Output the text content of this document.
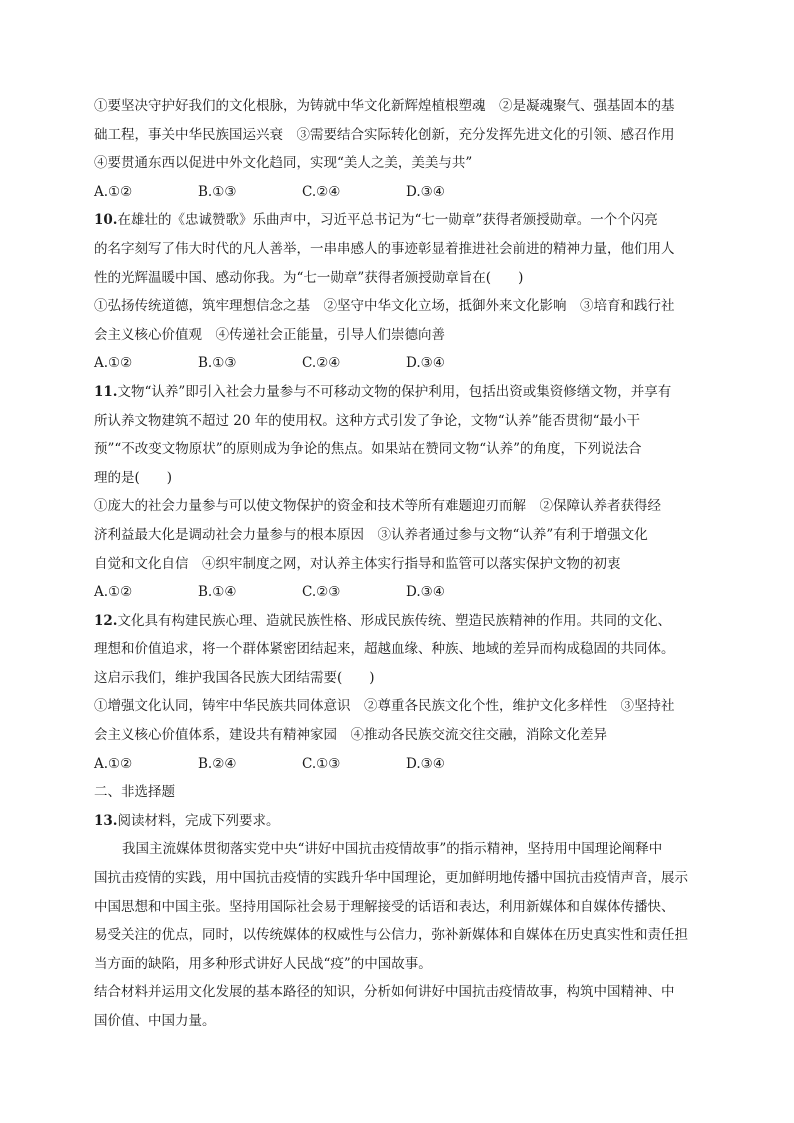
①要坚决守护好我们的文化根脉，为铸就中华文化新辉煌植根塑魂　②是凝魂聚气、强基固本的基
础工程，事关中华民族国运兴衰　③需要结合实际转化创新，充分发挥先进文化的引领、感召作用
④要贯通东西以促进中外文化趋同，实现“美人之美，美美与共”
A.①②	B.①③	C.②④	D.③④
10.在雄壮的《忠诚赞歌》乐曲声中，习近平总书记为“七一勋章”获得者颁授勋章。一个个闪亮
的名字刻写了伟大时代的凡人善举，一串串感人的事迹彰显着推进社会前进的精神力量，他们用人
性的光辉温暖中国、感动你我。为“七一勋章”获得者颁授勋章旨在(　　)
①弘扬传统道德，筑牢理想信念之基　②坚守中华文化立场，抵御外来文化影响　③培育和践行社
会主义核心价值观　④传递社会正能量，引导人们崇德向善
A.①②	B.①③	C.②④	D.③④
11.文物“认养”即引入社会力量参与不可移动文物的保护利用，包括出资或集资修缮文物，并享有
所认养文物建筑不超过 20 年的使用权。这种方式引发了争论，文物“认养”能否贯彻“最小干
预”“不改变文物原状”的原则成为争论的焦点。如果站在赞同文物“认养”的角度，下列说法合
理的是(　　)
①庞大的社会力量参与可以使文物保护的资金和技术等所有难题迎刃而解　②保障认养者获得经
济利益最大化是调动社会力量参与的根本原因　③认养者通过参与文物“认养”有利于增强文化
自觉和文化自信　④织牢制度之网，对认养主体实行指导和监管可以落实保护文物的初衷
A.①②	B.①④	C.②③	D.③④
12.文化具有构建民族心理、造就民族性格、形成民族传统、塑造民族精神的作用。共同的文化、
理想和价值追求，将一个群体紧密团结起来，超越血缘、种族、地域的差异而构成稳固的共同体。
这启示我们，维护我国各民族大团结需要(　　)
①增强文化认同，铸牢中华民族共同体意识　②尊重各民族文化个性，维护文化多样性　③坚持社
会主义核心价值体系，建设共有精神家园　④推动各民族交流交往交融，消除文化差异
A.①②	B.②④	C.①③	D.③④
二、非选择题
13.阅读材料，完成下列要求。
我国主流媒体贯彻落实党中央“讲好中国抗击疫情故事”的指示精神，坚持用中国理论阐释中
国抗击疫情的实践，用中国抗击疫情的实践升华中国理论，更加鲜明地传播中国抗击疫情声音，展示
中国思想和中国主张。坚持用国际社会易于理解接受的话语和表达，利用新媒体和自媒体传播快、
易受关注的优点，同时，以传统媒体的权威性与公信力，弥补新媒体和自媒体在历史真实性和责任担
当方面的缺陷，用多种形式讲好人民战“疫”的中国故事。
结合材料并运用文化发展的基本路径的知识，分析如何讲好中国抗击疫情故事，构筑中国精神、中
国价值、中国力量。
